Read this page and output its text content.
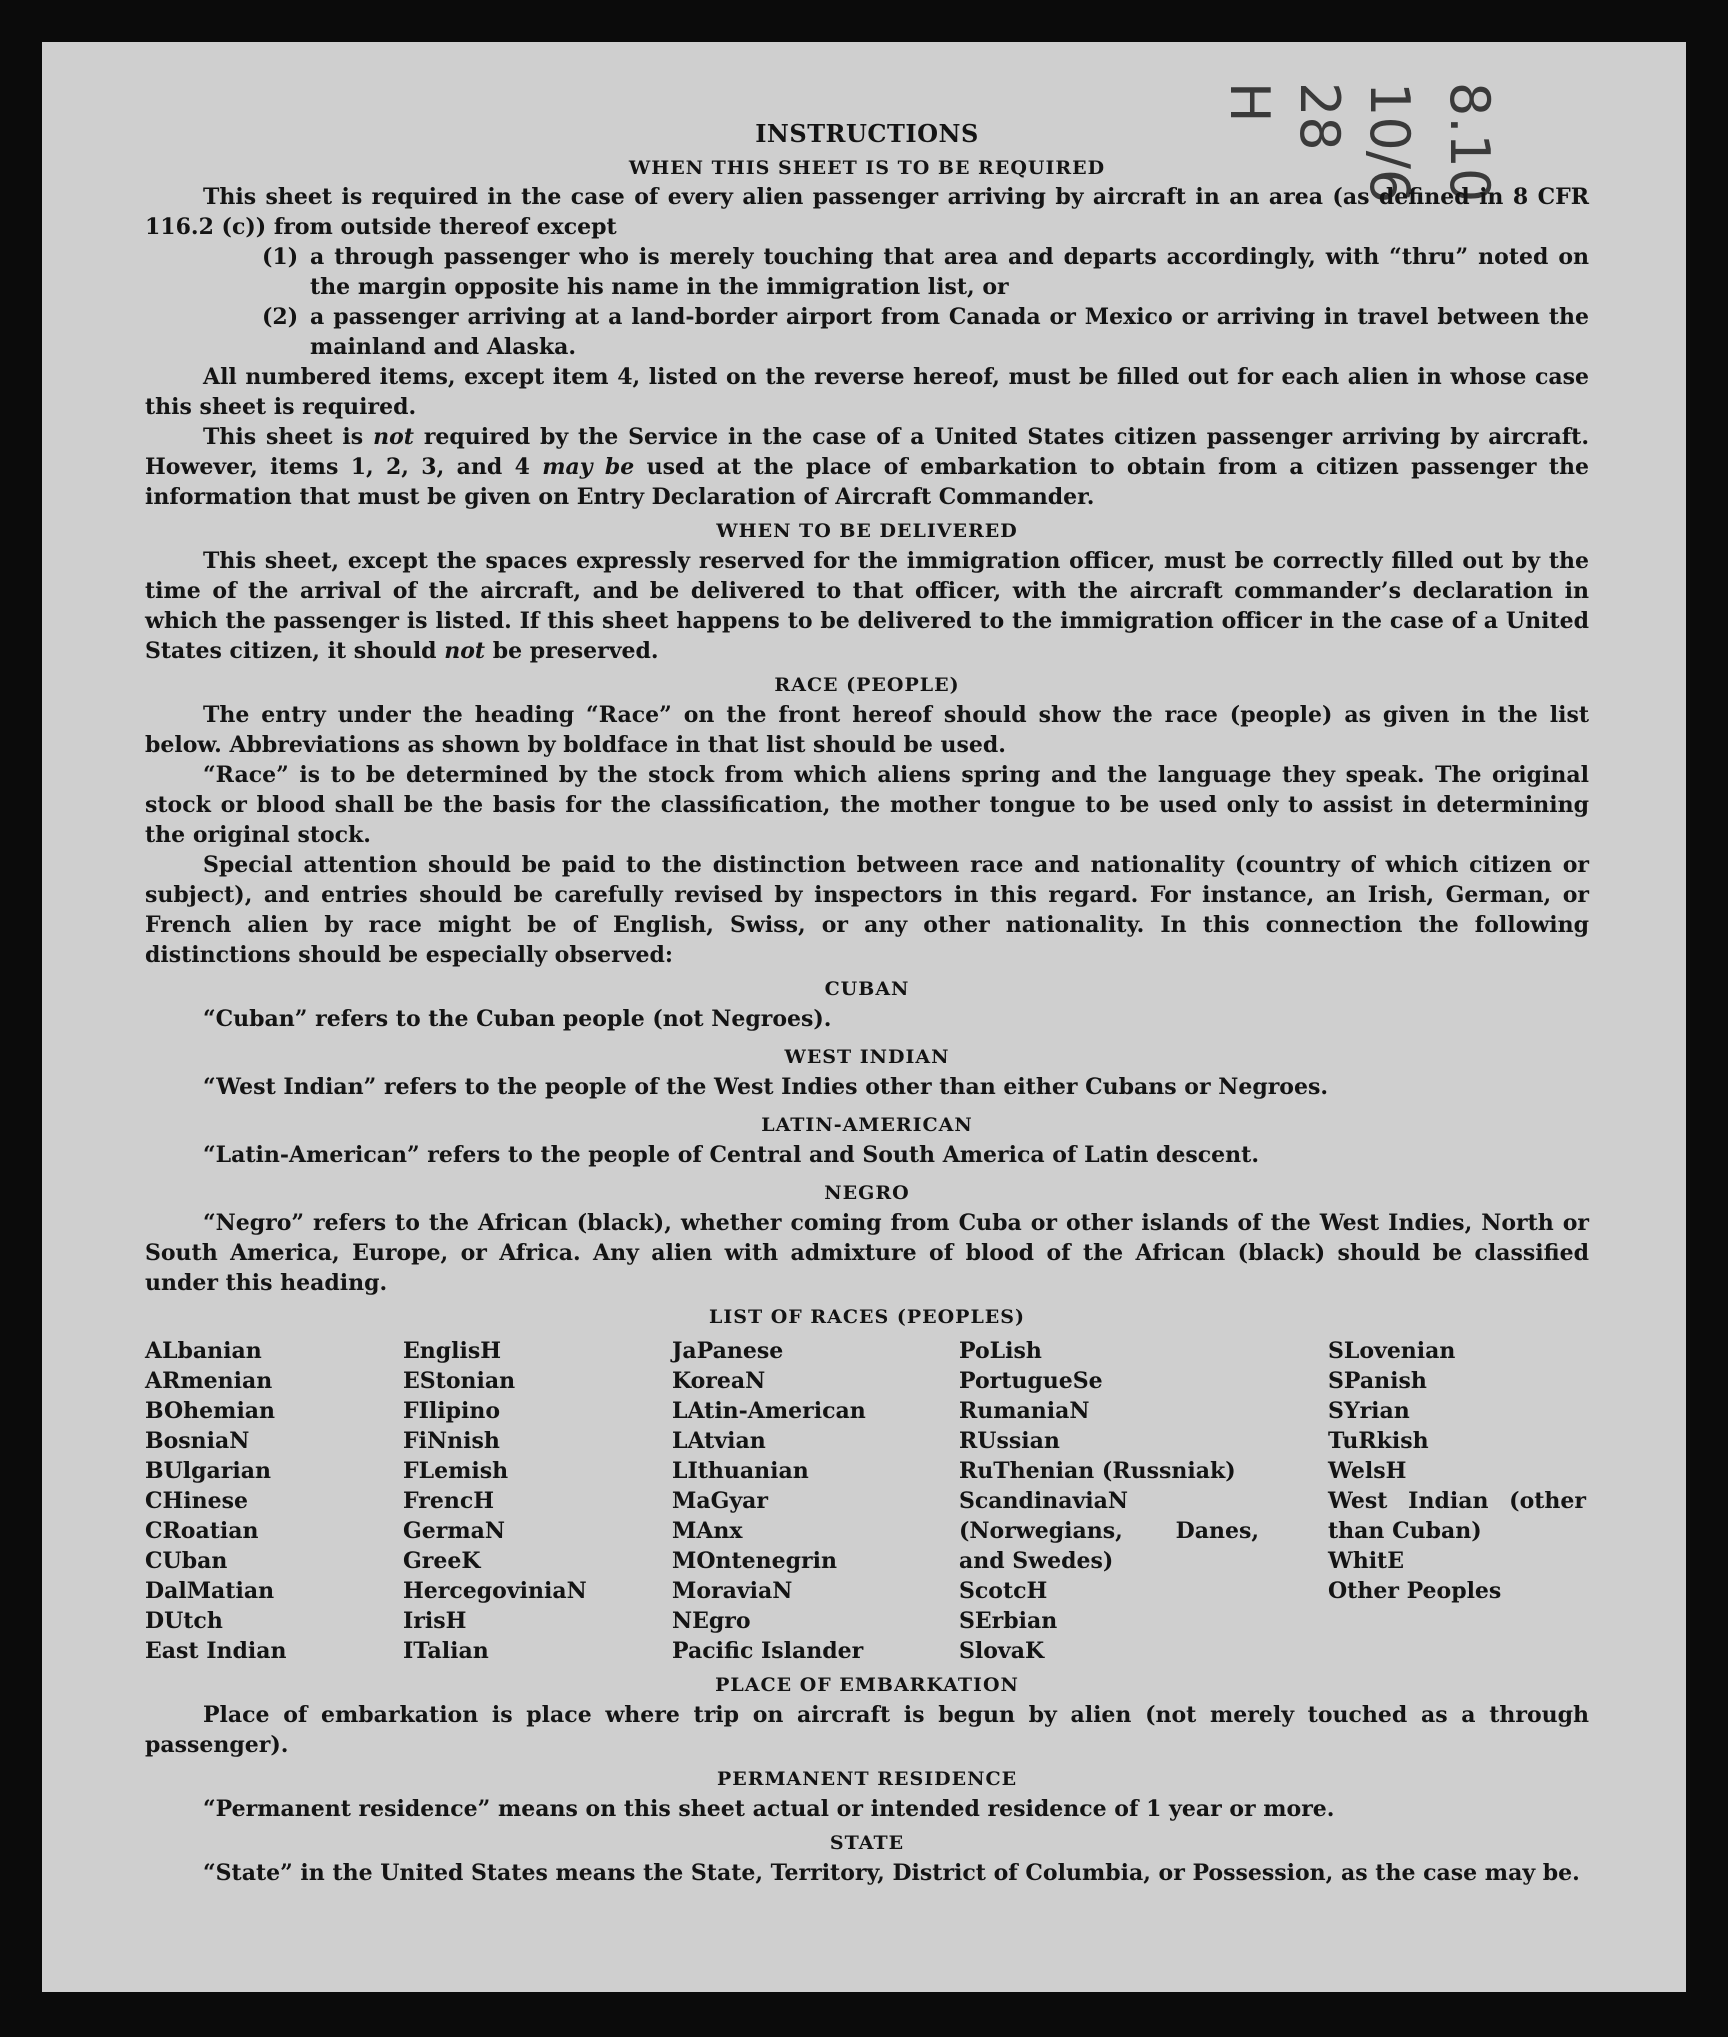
H 28 10/6 8.10
INSTRUCTIONS
WHEN THIS SHEET IS TO BE REQUIRED

This sheet is required in the case of every alien passenger arriving by aircraft in an area (as defined in 8 CFR 116.2 (c)) from outside thereof except

(1) a through passenger who is merely touching that area and departs accordingly, with “thru” noted on the margin opposite his name in the immigration list, or
(2) a passenger arriving at a land-border airport from Canada or Mexico or arriving in travel between the mainland and Alaska.

All numbered items, except item 4, listed on the reverse hereof, must be filled out for each alien in whose case this sheet is required.

This sheet is not required by the Service in the case of a United States citizen passenger arriving by aircraft. However, items 1, 2, 3, and 4 may be used at the place of embarkation to obtain from a citizen passenger the information that must be given on Entry Declaration of Aircraft Commander.

WHEN TO BE DELIVERED

This sheet, except the spaces expressly reserved for the immigration officer, must be correctly filled out by the time of the arrival of the aircraft, and be delivered to that officer, with the aircraft commander’s declaration in which the passenger is listed. If this sheet happens to be delivered to the immigration officer in the case of a United States citizen, it should not be preserved.

RACE (PEOPLE)

The entry under the heading “Race” on the front hereof should show the race (people) as given in the list below. Abbreviations as shown by boldface in that list should be used.

“Race” is to be determined by the stock from which aliens spring and the language they speak. The original stock or blood shall be the basis for the classification, the mother tongue to be used only to assist in determining the original stock.

Special attention should be paid to the distinction between race and nationality (country of which citizen or subject), and entries should be carefully revised by inspectors in this regard. For instance, an Irish, German, or French alien by race might be of English, Swiss, or any other nationality. In this connection the following distinctions should be especially observed:

CUBAN

“Cuban” refers to the Cuban people (not Negroes).

WEST INDIAN

“West Indian” refers to the people of the West Indies other than either Cubans or Negroes.

LATIN-AMERICAN

“Latin-American” refers to the people of Central and South America of Latin descent.

NEGRO

“Negro” refers to the African (black), whether coming from Cuba or other islands of the West Indies, North or South America, Europe, or Africa. Any alien with admixture of blood of the African (black) should be classified under this heading.

LIST OF RACES (PEOPLES)
ALbanian
ARmenian
BOhemian
BosniaN
BUlgarian
CHinese
CRoatian
CUban
DalMatian
DUtch
East Indian
EnglisH
EStonian
FIlipino
FiNnish
FLemish
FrencH
GermaN
GreeK
HercegoviniaN
IrisH
ITalian
JaPanese
KoreaN
LAtin-American
LAtvian
LIthuanian
MaGyar
MAnx
MOntenegrin
MoraviaN
NEgro
Pacific Islander
PoLish
PortugueSe
RumaniaN
RUssian
RuThenian (Russniak)
ScandinaviaN (Norwegians, Danes, and Swedes)
ScotcH
SErbian
SlovaK
SLovenian
SPanish
SYrian
TuRkish
WelsH
West Indian (other than Cuban)
WhitE
Other Peoples
PLACE OF EMBARKATION

Place of embarkation is place where trip on aircraft is begun by alien (not merely touched as a through passenger).

PERMANENT RESIDENCE

“Permanent residence” means on this sheet actual or intended residence of 1 year or more.

STATE

“State” in the United States means the State, Territory, District of Columbia, or Possession, as the case may be.
